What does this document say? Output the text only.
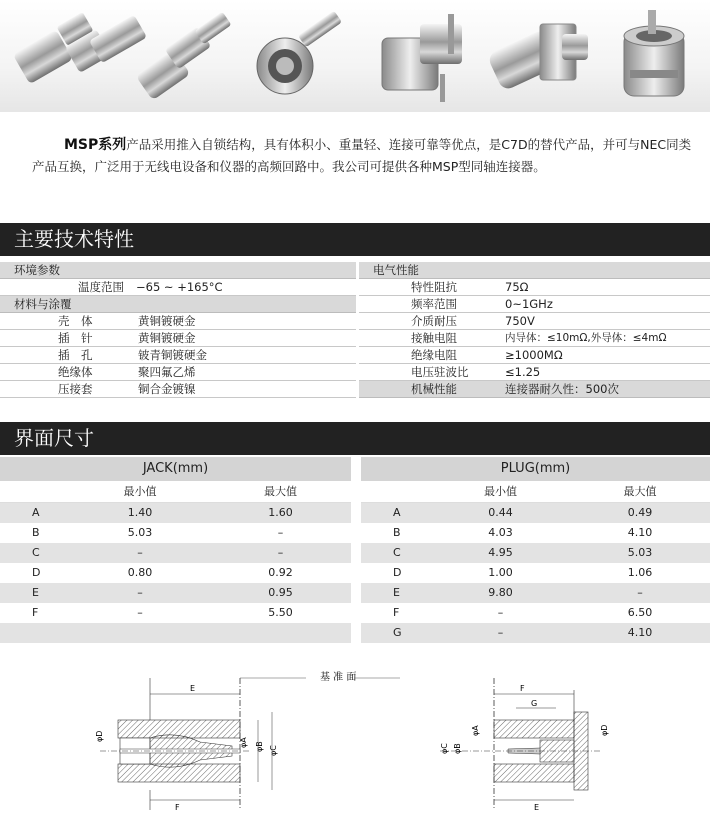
MSP系列产品采用推入自锁结构，具有体积小、重量轻、连接可靠等优点，是C7D的替代产品，并可与NEC同类产品互换，广泛用于无线电设备和仪器的高频回路中。我公司可提供各种MSP型同轴连接器。
主要技术特性
环境参数
温度范围	−65 ~ +165°C
材料与涂覆
壳　体	黄铜镀硬金
插　针	黄铜镀硬金
插　孔	铍青铜镀硬金
绝缘体	聚四氟乙烯
压接套	铜合金镀镍
电气性能
特性阻抗	75Ω
频率范围	0~1GHz
介质耐压	750V
接触电阻	内导体：≤10mΩ,外导体：≤4mΩ
绝缘电阻	≥1000MΩ
电压驻波比	≤1.25
机械性能	连接器耐久性：500次
界面尺寸
JACK(mm)
最小值	最大值
A	1.40	1.60
B	5.03	–
C	–	–
D	0.80	0.92
E	–	0.95
F	–	5.50
PLUG(mm)
最小值	最大值
A	0.44	0.49
B	4.03	4.10
C	4.95	5.03
D	1.00	1.06
E	9.80	–
F	–	6.50
G	–	4.10
基 准 面
E
φD
φA φB φC
F
F
G
φC φB
φA	φD
E
